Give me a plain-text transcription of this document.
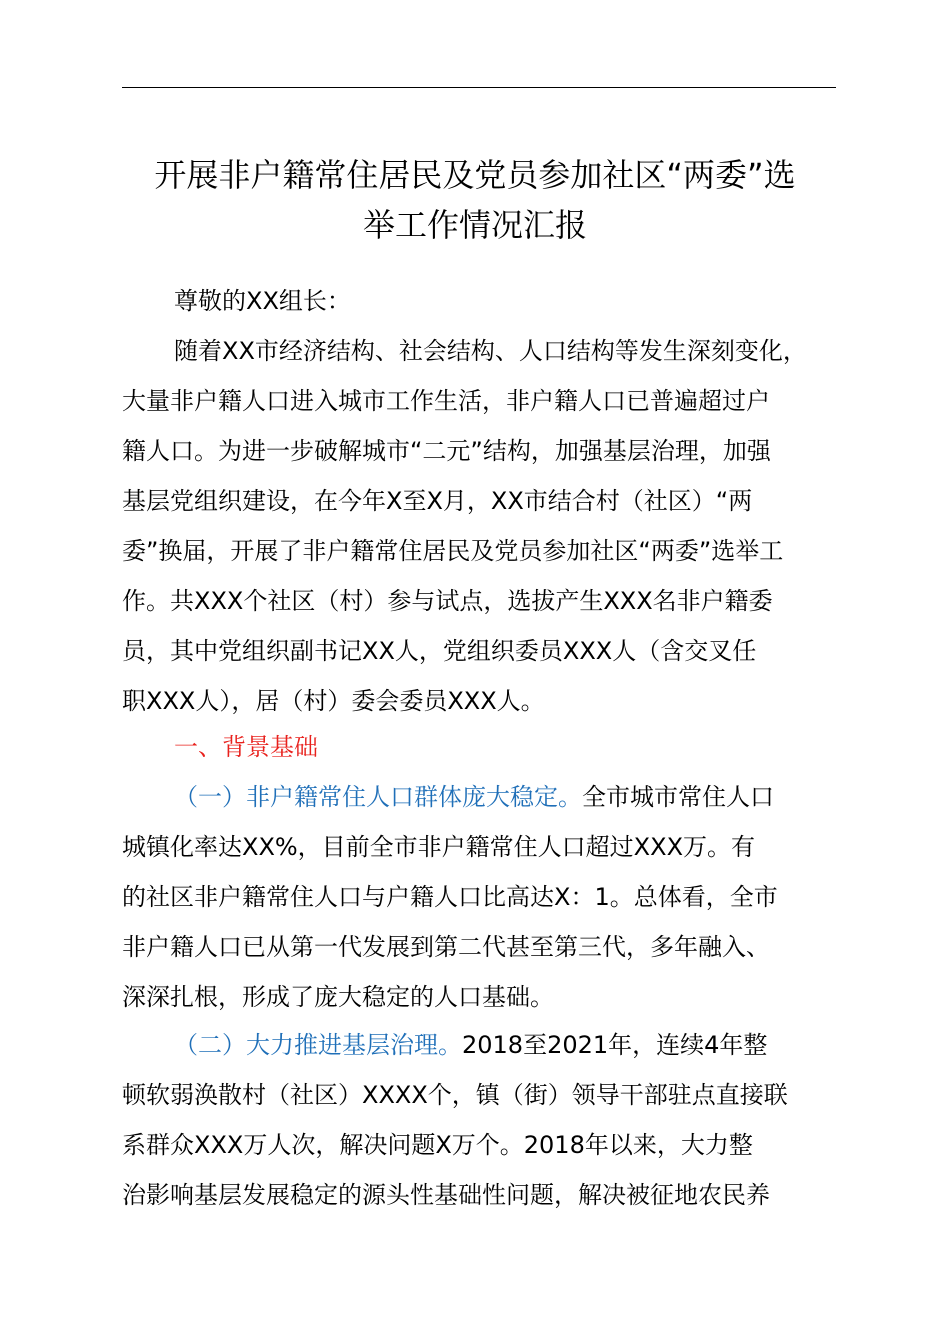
开展非户籍常住居民及党员参加社区“两委”选
举工作情况汇报
尊敬的XX组长：
随着XX市经济结构、社会结构、人口结构等发生深刻变化，
大量非户籍人口进入城市工作生活，非户籍人口已普遍超过户
籍人口。为进一步破解城市“二元”结构，加强基层治理，加强
基层党组织建设，在今年X至X月，XX市结合村（社区）“两
委”换届，开展了非户籍常住居民及党员参加社区“两委”选举工
作。共XXX个社区（村）参与试点，选拔产生XXX名非户籍委
员，其中党组织副书记XX人，党组织委员XXX人（含交叉任
职XXX人），居（村）委会委员XXX人。
一、背景基础
（一）非户籍常住人口群体庞大稳定。全市城市常住人口
城镇化率达XX%，目前全市非户籍常住人口超过XXX万。有
的社区非户籍常住人口与户籍人口比高达X：1。总体看，全市
非户籍人口已从第一代发展到第二代甚至第三代，多年融入、
深深扎根，形成了庞大稳定的人口基础。
（二）大力推进基层治理。2018至2021年，连续4年整
顿软弱涣散村（社区）XXXX个，镇（街）领导干部驻点直接联
系群众XXX万人次，解决问题X万个。2018年以来，大力整
治影响基层发展稳定的源头性基础性问题，解决被征地农民养
